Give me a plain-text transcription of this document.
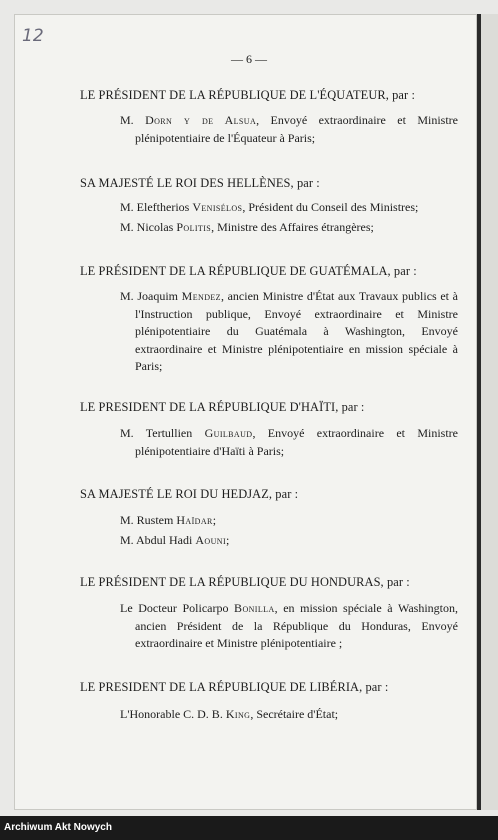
12
— 6 —
LE PRÉSIDENT DE LA RÉPUBLIQUE DE L'ÉQUATEUR, par :
M. Dorn y de Alsua, Envoyé extraordinaire et Ministre plénipotentiaire de l'Équateur à Paris;
SA MAJESTÉ LE ROI DES HELLÈNES, par :
M. Eleftherios Venisélos, Président du Conseil des Ministres;
M. Nicolas Politis, Ministre des Affaires étrangères;
LE PRÉSIDENT DE LA RÉPUBLIQUE DE GUATÉMALA, par :
M. Joaquim Mendez, ancien Ministre d'État aux Travaux publics et à l'Instruction publique, Envoyé extraordinaire et Ministre plénipotentiaire du Guatémala à Washington, Envoyé extraordinaire et Ministre plénipotentiaire en mission spéciale à Paris;
LE PRESIDENT DE LA RÉPUBLIQUE D'HAÏTI, par :
M. Tertullien Guilbaud, Envoyé extraordinaire et Ministre plénipotentiaire d'Haïti à Paris;
SA MAJESTÉ LE ROI DU HEDJAZ, par :
M. Rustem Haïdar;
M. Abdul Hadi Aouni;
LE PRÉSIDENT DE LA RÉPUBLIQUE DU HONDURAS, par :
Le Docteur Policarpo Bonilla, en mission spéciale à Washington, ancien Président de la République du Honduras, Envoyé extraordinaire et Ministre plénipotentiaire ;
LE PRESIDENT DE LA RÉPUBLIQUE DE LIBÉRIA, par :
L'Honorable C. D. B. King, Secrétaire d'État;
Archiwum Akt Nowych
